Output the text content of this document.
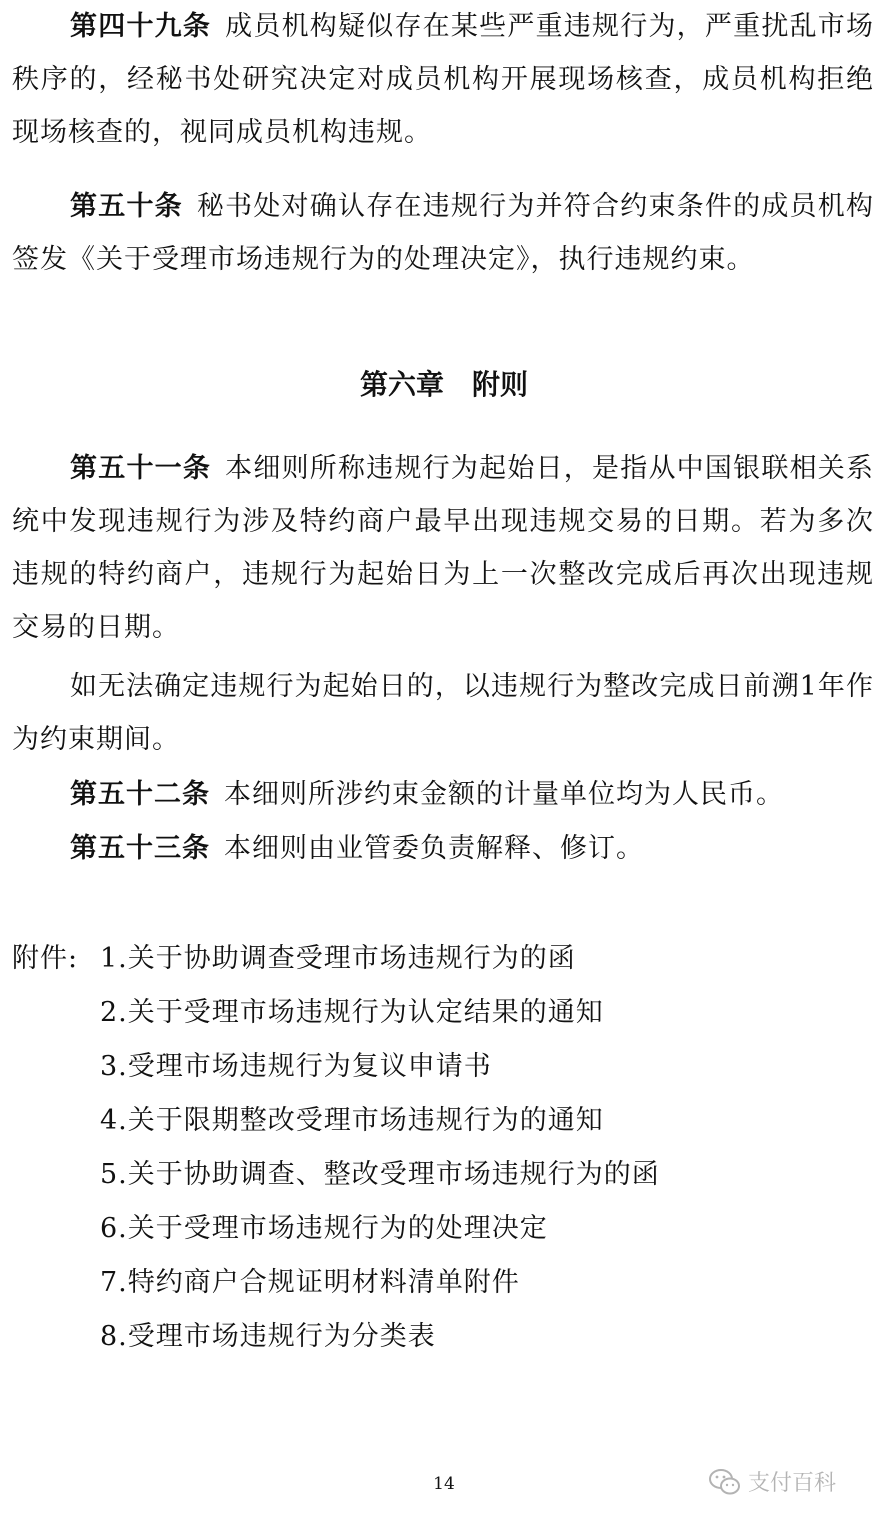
第四十九条 成员机构疑似存在某些严重违规行为，严重扰乱市场秩序的，经秘书处研究决定对成员机构开展现场核查，成员机构拒绝现场核查的，视同成员机构违规。

第五十条 秘书处对确认存在违规行为并符合约束条件的成员机构签发《关于受理市场违规行为的处理决定》，执行违规约束。

第六章　附则

第五十一条 本细则所称违规行为起始日，是指从中国银联相关系统中发现违规行为涉及特约商户最早出现违规交易的日期。若为多次违规的特约商户，违规行为起始日为上一次整改完成后再次出现违规交易的日期。

如无法确定违规行为起始日的，以违规行为整改完成日前溯1年作为约束期间。

第五十二条 本细则所涉约束金额的计量单位均为人民币。

第五十三条 本细则由业管委负责解释、修订。

附件: 1.关于协助调查受理市场违规行为的函
2.关于受理市场违规行为认定结果的通知
3.受理市场违规行为复议申请书
4.关于限期整改受理市场违规行为的通知
5.关于协助调查、整改受理市场违规行为的函
6.关于受理市场违规行为的处理决定
7.特约商户合规证明材料清单附件
8.受理市场违规行为分类表
14	支付百科
